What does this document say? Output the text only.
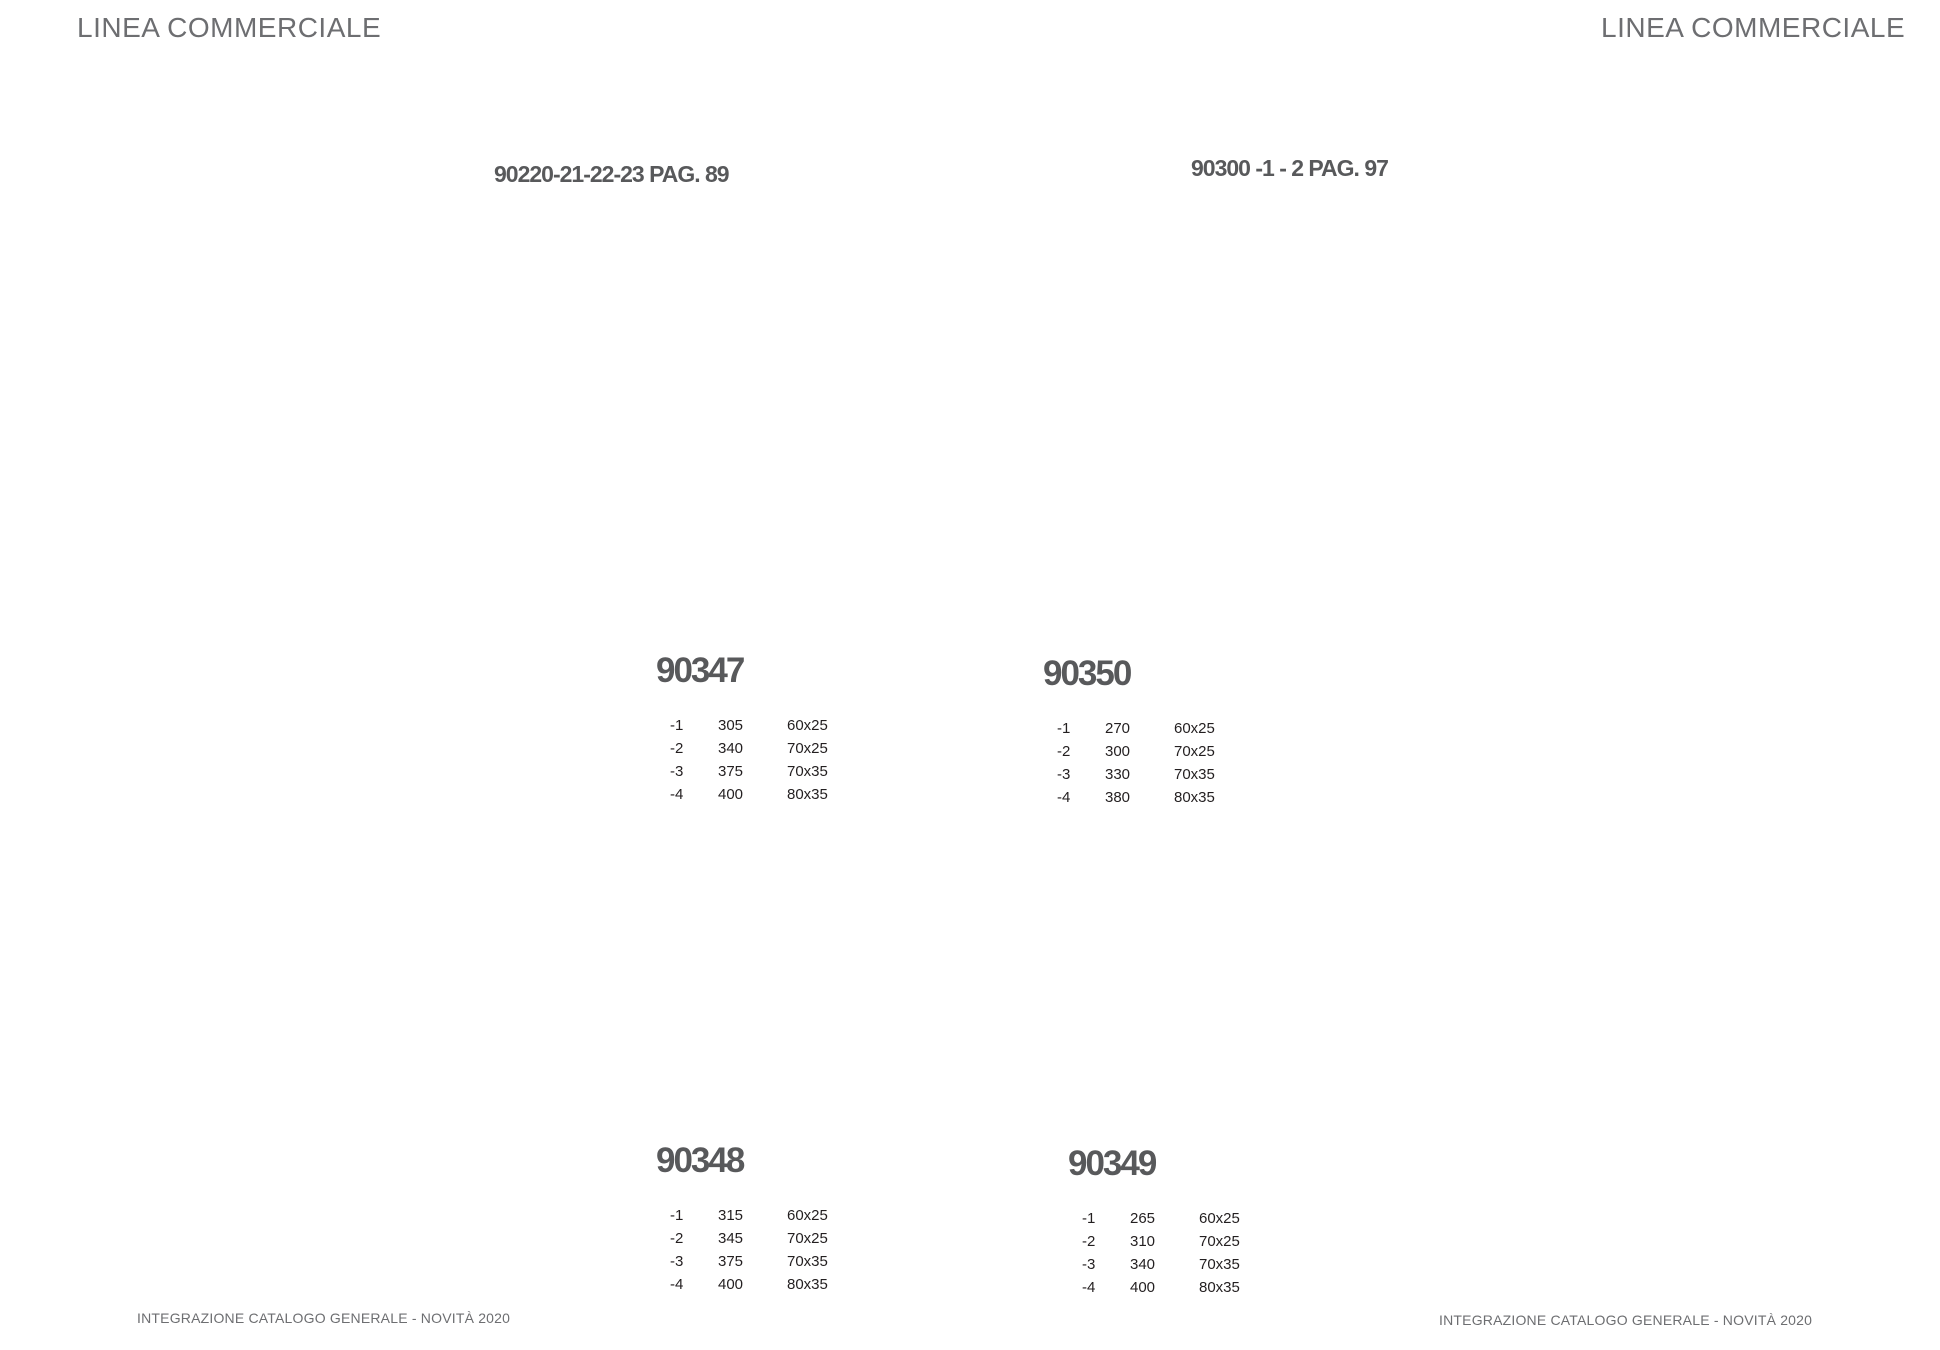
LINEA COMMERCIALE	LINEA COMMERCIALE
90220-21-22-23 PAG. 89	90300 -1 - 2 PAG. 97
90347
-1	305	60x25
-2	340	70x25
-3	375	70x35
-4	400	80x35
90350
-1	270	60x25
-2	300	70x25
-3	330	70x35
-4	380	80x35
90348
-1	315	60x25
-2	345	70x25
-3	375	70x35
-4	400	80x35
90349
-1	265	60x25
-2	310	70x25
-3	340	70x35
-4	400	80x35
INTEGRAZIONE CATALOGO GENERALE - NOVITÀ 2020	INTEGRAZIONE CATALOGO GENERALE - NOVITÀ 2020
